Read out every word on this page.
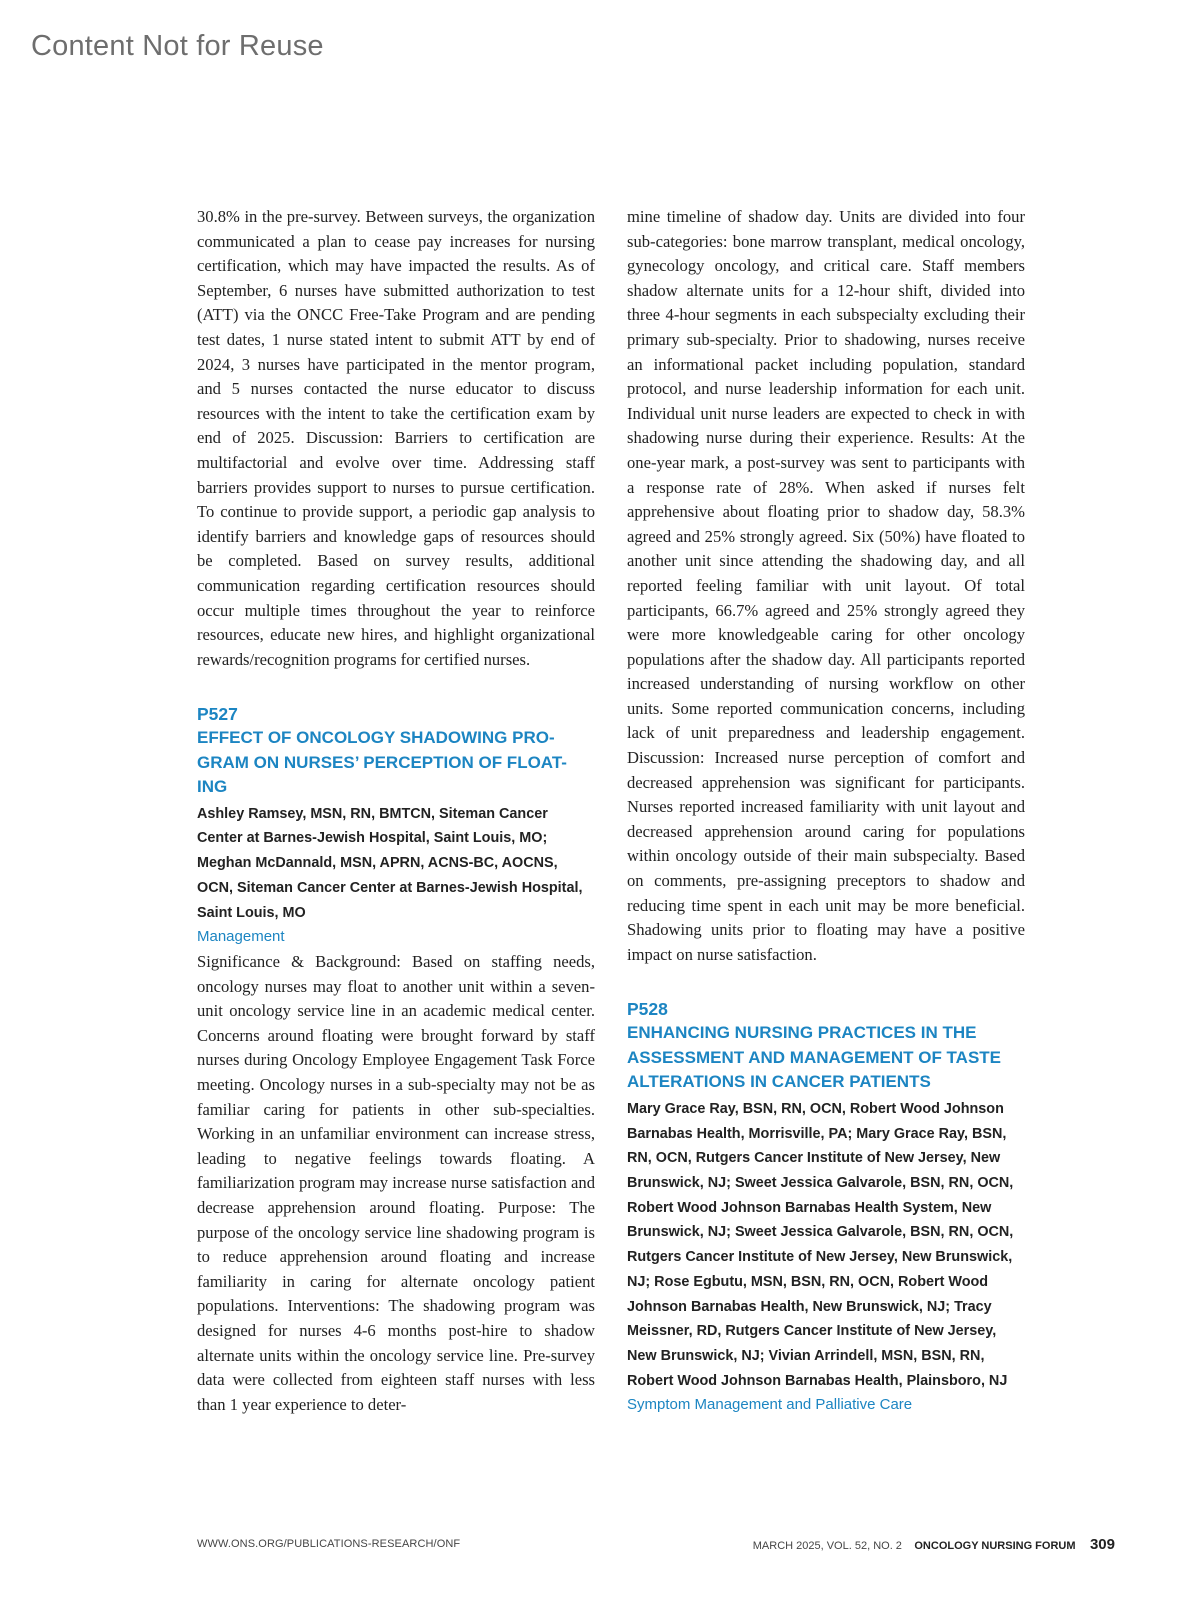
Content Not for Reuse

30.8% in the pre-survey. Between surveys, the organization communicated a plan to cease pay increases for nursing certification, which may have impacted the results. As of September, 6 nurses have submitted authorization to test (ATT) via the ONCC Free-Take Program and are pending test dates, 1 nurse stated intent to submit ATT by end of 2024, 3 nurses have participated in the mentor program, and 5 nurses contacted the nurse educator to discuss resources with the intent to take the certification exam by end of 2025. Discussion: Barriers to certification are multifactorial and evolve over time. Addressing staff barriers provides support to nurses to pursue certification. To continue to provide support, a periodic gap analysis to identify barriers and knowledge gaps of resources should be completed. Based on survey results, additional communication regarding certification resources should occur multiple times throughout the year to reinforce resources, educate new hires, and highlight organizational rewards/recognition programs for certified nurses.

P527
EFFECT OF ONCOLOGY SHADOWING PRO-GRAM ON NURSES’ PERCEPTION OF FLOAT-ING
Ashley Ramsey, MSN, RN, BMTCN, Siteman Cancer Center at Barnes-Jewish Hospital, Saint Louis, MO; Meghan McDannald, MSN, APRN, ACNS-BC, AOCNS, OCN, Siteman Cancer Center at Barnes-Jewish Hospital, Saint Louis, MO
Management

Significance & Background: Based on staffing needs, oncology nurses may float to another unit within a seven-unit oncology service line in an academic medical center. Concerns around floating were brought forward by staff nurses during Oncology Employee Engagement Task Force meeting. Oncology nurses in a sub-specialty may not be as familiar caring for patients in other sub-specialties. Working in an unfamiliar environment can increase stress, leading to negative feelings towards floating. A familiarization program may increase nurse satisfaction and decrease apprehension around floating. Purpose: The purpose of the oncology service line shadowing program is to reduce apprehension around floating and increase familiarity in caring for alternate oncology patient populations. Interventions: The shadowing program was designed for nurses 4-6 months post-hire to shadow alternate units within the oncology service line. Pre-survey data were collected from eighteen staff nurses with less than 1 year experience to deter-

mine timeline of shadow day. Units are divided into four sub-categories: bone marrow transplant, medical oncology, gynecology oncology, and critical care. Staff members shadow alternate units for a 12-hour shift, divided into three 4-hour segments in each subspecialty excluding their primary sub-specialty. Prior to shadowing, nurses receive an informational packet including population, standard protocol, and nurse leadership information for each unit. Individual unit nurse leaders are expected to check in with shadowing nurse during their experience. Results: At the one-year mark, a post-survey was sent to participants with a response rate of 28%. When asked if nurses felt apprehensive about floating prior to shadow day, 58.3% agreed and 25% strongly agreed. Six (50%) have floated to another unit since attending the shadowing day, and all reported feeling familiar with unit layout. Of total participants, 66.7% agreed and 25% strongly agreed they were more knowledgeable caring for other oncology populations after the shadow day. All participants reported increased understanding of nursing workflow on other units. Some reported communication concerns, including lack of unit preparedness and leadership engagement. Discussion: Increased nurse perception of comfort and decreased apprehension was significant for participants. Nurses reported increased familiarity with unit layout and decreased apprehension around caring for populations within oncology outside of their main subspecialty. Based on comments, pre-assigning preceptors to shadow and reducing time spent in each unit may be more beneficial. Shadowing units prior to floating may have a positive impact on nurse satisfaction.

P528
ENHANCING NURSING PRACTICES IN THE ASSESSMENT AND MANAGEMENT OF TASTE ALTERATIONS IN CANCER PATIENTS
Mary Grace Ray, BSN, RN, OCN, Robert Wood Johnson Barnabas Health, Morrisville, PA; Mary Grace Ray, BSN, RN, OCN, Rutgers Cancer Institute of New Jersey, New Brunswick, NJ; Sweet Jessica Galvarole, BSN, RN, OCN, Robert Wood Johnson Barnabas Health System, New Brunswick, NJ; Sweet Jessica Galvarole, BSN, RN, OCN, Rutgers Cancer Institute of New Jersey, New Brunswick, NJ; Rose Egbutu, MSN, BSN, RN, OCN, Robert Wood Johnson Barnabas Health, New Brunswick, NJ; Tracy Meissner, RD, Rutgers Cancer Institute of New Jersey, New Brunswick, NJ; Vivian Arrindell, MSN, BSN, RN, Robert Wood Johnson Barnabas Health, Plainsboro, NJ
Symptom Management and Palliative Care
WWW.ONS.ORG/PUBLICATIONS-RESEARCH/ONF	MARCH 2025, VOL. 52, NO. 2 ONCOLOGY NURSING FORUM 309
